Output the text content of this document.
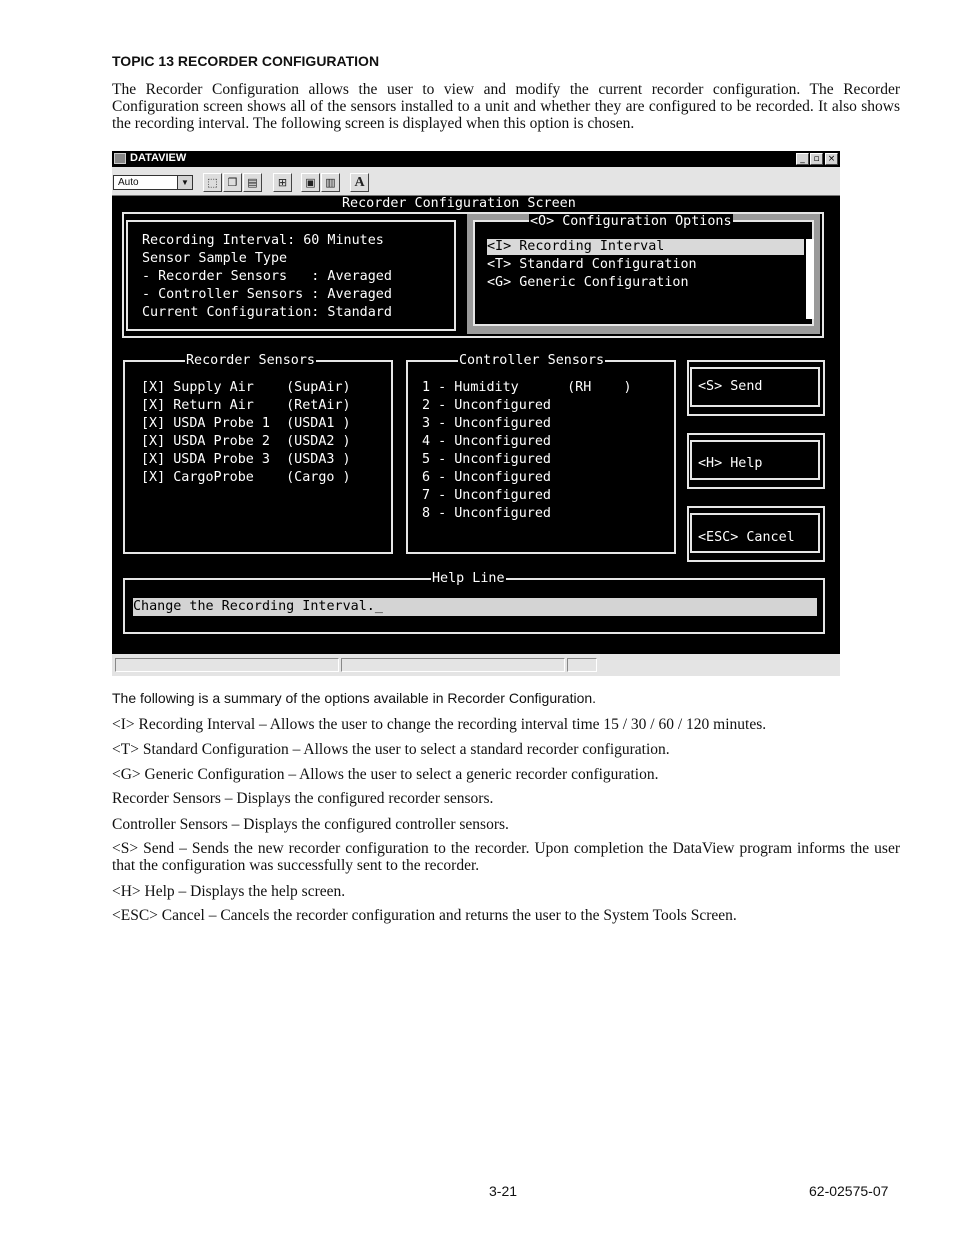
TOPIC 13 RECORDER CONFIGURATION
The Recorder Configuration allows the user to view and modify the current recorder configuration. The Recorder Configuration screen shows all of the sensors installed to a unit and whether they are configured to be recorded. It also shows the recording interval. The following screen is displayed when this option is chosen.
DATAVIEW	_ ▫ ×
Auto	▼	⬚ ❐ ▤	⊞	▣ ▥	A
Recorder Configuration Screen
Recording Interval: 60 Minutes
Sensor Sample Type
- Recorder Sensors   : Averaged
- Controller Sensors : Averaged
Current Configuration: Standard
<O> Configuration Options
<I> Recording Interval
<T> Standard Configuration
<G> Generic Configuration
Recorder Sensors
[X] Supply Air    (SupAir)
[X] Return Air    (RetAir)
[X] USDA Probe 1  (USDA1 )
[X] USDA Probe 2  (USDA2 )
[X] USDA Probe 3  (USDA3 )
[X] CargoProbe    (Cargo )
Controller Sensors
1 - Humidity      (RH    )
2 - Unconfigured
3 - Unconfigured
4 - Unconfigured
5 - Unconfigured
6 - Unconfigured
7 - Unconfigured
8 - Unconfigured
<S> Send
<H> Help
<ESC> Cancel
Help Line
Change the Recording Interval._
The following is a summary of the options available in Recorder Configuration.
<I> Recording Interval – Allows the user to change the recording interval time 15 / 30 / 60 / 120 minutes.
<T> Standard Configuration – Allows the user to select a standard recorder configuration.
<G> Generic Configuration – Allows the user to select a generic recorder configuration.
Recorder Sensors – Displays the configured recorder sensors.
Controller Sensors – Displays the configured controller sensors.
<S> Send – Sends the new recorder configuration to the recorder. Upon completion the DataView program informs the user that the configuration was successfully sent to the recorder.
<H> Help – Displays the help screen.
<ESC> Cancel – Cancels the recorder configuration and returns the user to the System Tools Screen.
3-21	62-02575-07
